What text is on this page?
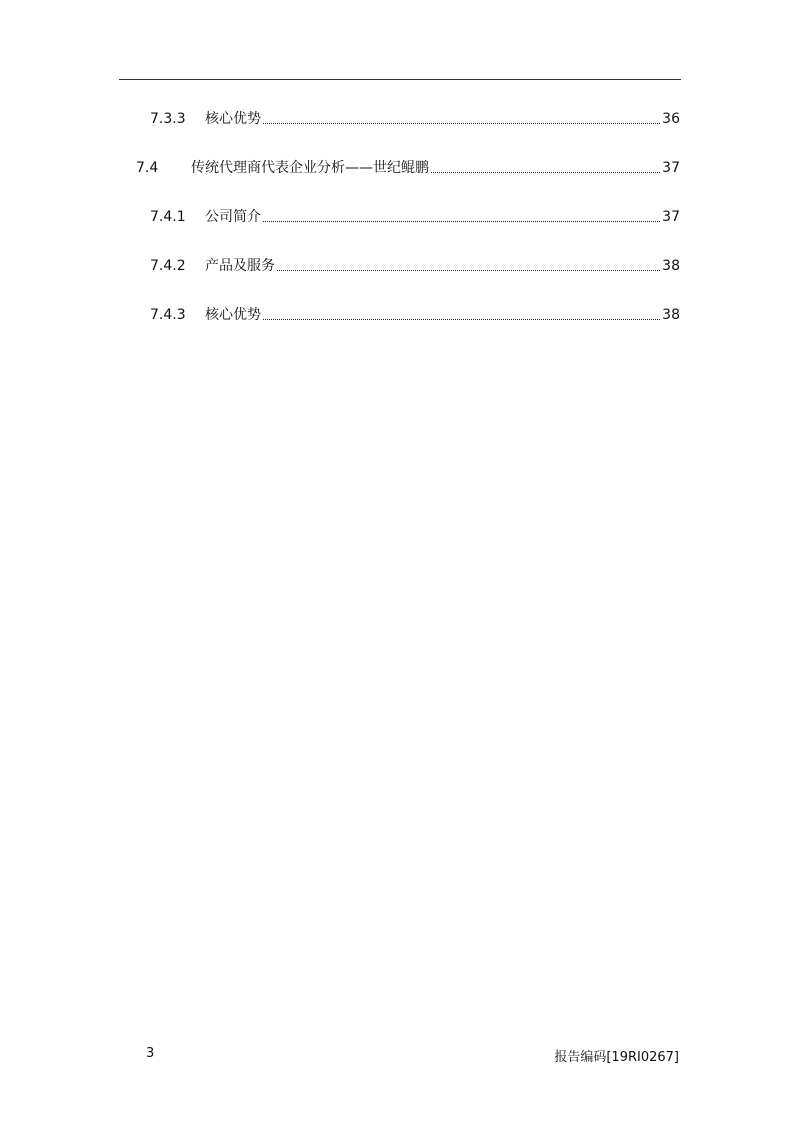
7.3.3 核心优势	36
7.4 传统代理商代表企业分析——世纪鲲鹏	37
7.4.1 公司简介	37
7.4.2 产品及服务	38
7.4.3 核心优势	38
3	报告编码[19RI0267]
